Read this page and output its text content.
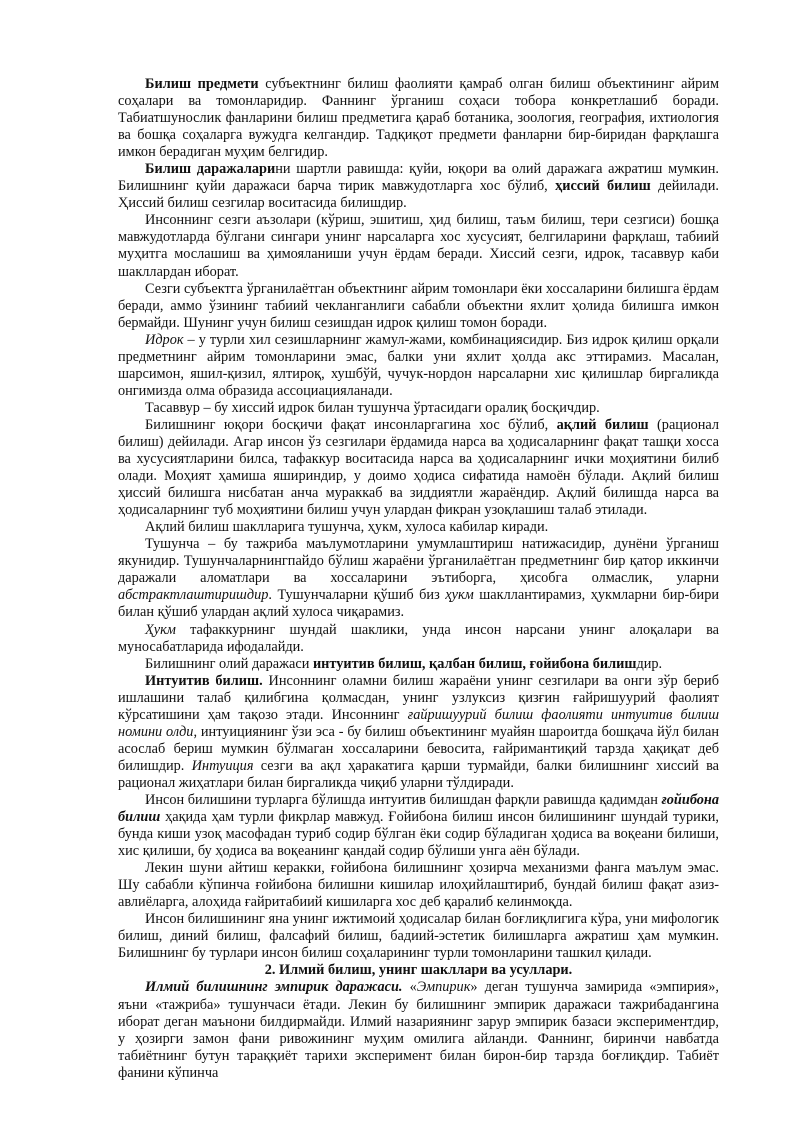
Билиш предмети субъектнинг билиш фаолияти қамраб олган билиш объектининг айрим соҳалари ва томонларидир. Фаннинг ўрганиш соҳаси тобора конкретлашиб боради. Табиатшунослик фанларини билиш предметига қараб ботаника, зоология, география, ихтиология ва бошқа соҳаларга вужудга келгандир. Тадқиқот предмети фанларни бир-биридан фарқлашга имкон берадиган муҳим белгидир.

Билиш даражаларини шартли равишда: қуйи, юқори ва олий даражага ажратиш мумкин. Билишнинг қуйи даражаси барча тирик мавжудотларга хос бўлиб, ҳиссий билиш дейилади. Ҳиссий билиш сезгилар воситасида билишдир.

Инсоннинг сезги аъзолари (кўриш, эшитиш, ҳид билиш, таъм билиш, тери сезгиси) бошқа мавжудотларда бўлгани сингари унинг нарсаларга хос хусусият, белгиларини фарқлаш, табиий муҳитга мослашиш ва ҳимояланиши учун ёрдам беради. Хиссий сезги, идрок, тасаввур каби шакллардан иборат.

Сезги субъектга ўрганилаётган объектнинг айрим томонлари ёки хоссаларини билишга ёрдам беради, аммо ўзининг табиий чекланганлиги сабабли объектни яхлит ҳолида билишга имкон бермайди. Шунинг учун билиш сезишдан идрок қилиш томон боради.

Идрок – у турли хил сезишларнинг жамул-жами, комбинациясидир. Биз идрок қилиш орқали предметнинг айрим томонларини эмас, балки уни яхлит ҳолда акс эттирамиз. Масалан, шарсимон, яшил-қизил, ялтироқ, хушбўй, чучук-нордон нарсаларни хис қилишлар биргаликда онгимизда олма образида ассоциацияланади.

Тасаввур – бу хиссий идрок билан тушунча ўртасидаги оралиқ босқичдир.

Билишнинг юқори босқичи фақат инсонларгагина хос бўлиб, ақлий билиш (рационал билиш) дейилади. Агар инсон ўз сезгилари ёрдамида нарса ва ҳодисаларнинг фақат ташқи хосса ва хусусиятларини билса, тафаккур воситасида нарса ва ҳодисаларнинг ички моҳиятини билиб олади. Моҳият ҳамиша яшириндир, у доимо ҳодиса сифатида намоён бўлади. Ақлий билиш ҳиссий билишга нисбатан анча мураккаб ва зиддиятли жараёндир. Ақлий билишда нарса ва ҳодисаларнинг туб моҳиятини билиш учун улардан фикран узоқлашиш талаб этилади.

Ақлий билиш шаклларига тушунча, ҳукм, хулоса кабилар киради.

Тушунча – бу тажриба маълумотларини умумлаштириш натижасидир, дунёни ўрганиш якунидир. Тушунчаларнингпайдо бўлиш жараёни ўрганилаётган предметнинг бир қатор иккинчи даражали аломатлари ва хоссаларини эътиборга, ҳисобга олмаслик, уларни абстрактлаштиришдир. Тушунчаларни қўшиб биз ҳукм шакллантирамиз, ҳукмларни бир-бири билан қўшиб улардан ақлий хулоса чиқарамиз.

Ҳукм тафаккурнинг шундай шаклики, унда инсон нарсани унинг алоқалари ва муносабатларида ифодалайди.

Билишнинг олий даражаси интуитив билиш, қалбан билиш, ғойибона билишдир.

Интуитив билиш. Инсоннинг оламни билиш жараёни унинг сезгилари ва онги зўр бериб ишлашини талаб қилибгина қолмасдан, унинг узлуксиз қизғин ғайришуурий фаолият кўрсатишини ҳам тақозо этади. Инсоннинг ғайришуурий билиш фаолияти интуитив билиш номини олди, интуициянинг ўзи эса - бу билиш объектининг муайян шароитда бошқача йўл билан асослаб бериш мумкин бўлмаган хоссаларини бевосита, ғайримантиқий тарзда ҳақиқат деб билишдир. Интуиция сезги ва ақл ҳаракатига қарши турмайди, балки билишнинг хиссий ва рационал жиҳатлари билан биргаликда чиқиб уларни тўлдиради.

Инсон билишини турларга бўлишда интуитив билишдан фарқли равишда қадимдан ғойибона билиш ҳақида ҳам турли фикрлар мавжуд. Ғойибона билиш инсон билишининг шундай турики, бунда киши узоқ масофадан туриб содир бўлган ёки содир бўладиган ҳодиса ва воқеани билиши, хис қилиши, бу ҳодиса ва воқеанинг қандай содир бўлиши унга аён бўлади.

Лекин шуни айтиш керакки, ғойибона билишнинг ҳозирча механизми фанга маълум эмас. Шу сабабли кўпинча ғойибона билишни кишилар илоҳийлаштириб, бундай билиш фақат азиз-авлиёларга, алоҳида ғайритабиий кишиларга хос деб қаралиб келинмоқда.

Инсон билишининг яна унинг ижтимоий ҳодисалар билан боғлиқлигига кўра, уни мифологик билиш, диний билиш, фалсафий билиш, бадиий-эстетик билишларга ажратиш ҳам мумкин. Билишнинг бу турлари инсон билиш соҳаларининг турли томонларини ташкил қилади.

2. Илмий билиш, унинг шакллари ва усуллари.

Илмий билишнинг эмпирик даражаси. «Эмпирик» деган тушунча замирида «эмпирия», яъни «тажриба» тушунчаси ётади. Лекин бу билишнинг эмпирик даражаси тажрибадангина иборат деган маънони билдирмайди. Илмий назариянинг зарур эмпирик базаси экспериментдир, у ҳозирги замон фани ривожининг муҳим омилига айланди. Фаннинг, биринчи навбатда табиётнинг бутун тараққиёт тарихи эксперимент билан бирон-бир тарзда боғлиқдир. Табиёт фанини кўпинча
